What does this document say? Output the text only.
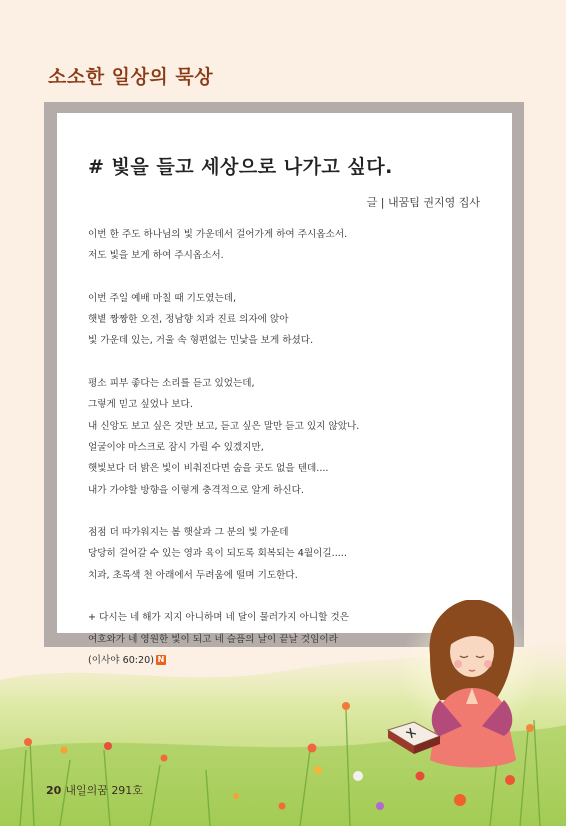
소소한 일상의 묵상
# 빛을 들고 세상으로 나가고 싶다.
글 | 내꿈팀 권지영 집사
이번 한 주도 하나님의 빛 가운데서 걸어가게 하여 주시옵소서.
저도 빛을 보게 하여 주시옵소서.
이번 주일 예배 마칠 때 기도였는데,
햇볕 짱짱한 오전, 정남향 치과 진료 의자에 앉아
빛 가운데 있는, 거울 속 형편없는 민낯을 보게 하셨다.
평소 피부 좋다는 소리를 듣고 있었는데,
그렇게 믿고 싶었나 보다.
내 신앙도 보고 싶은 것만 보고, 듣고 싶은 말만 듣고 있지 않았나.
얼굴이야 마스크로 잠시 가릴 수 있겠지만,
햇빛보다 더 밝은 빛이 비춰진다면 숨을 곳도 없을 텐데....
내가 가야할 방향을 이렇게 충격적으로 알게 하신다.
점점 더 따가워지는 봄 햇살과 그 분의 빛 가운데
당당히 걸어갈 수 있는 영과 육이 되도록 회복되는 4월이길.....
치과, 초록색 천 아래에서 두려움에 떨며 기도한다.
+ 다시는 네 해가 지지 아니하며 네 달이 물러가지 아니할 것은
여호와가 네 영원한 빛이 되고 네 슬픔의 날이 끝날 것임이라
(이사야 60:20) N
20 내일의꿈 291호
